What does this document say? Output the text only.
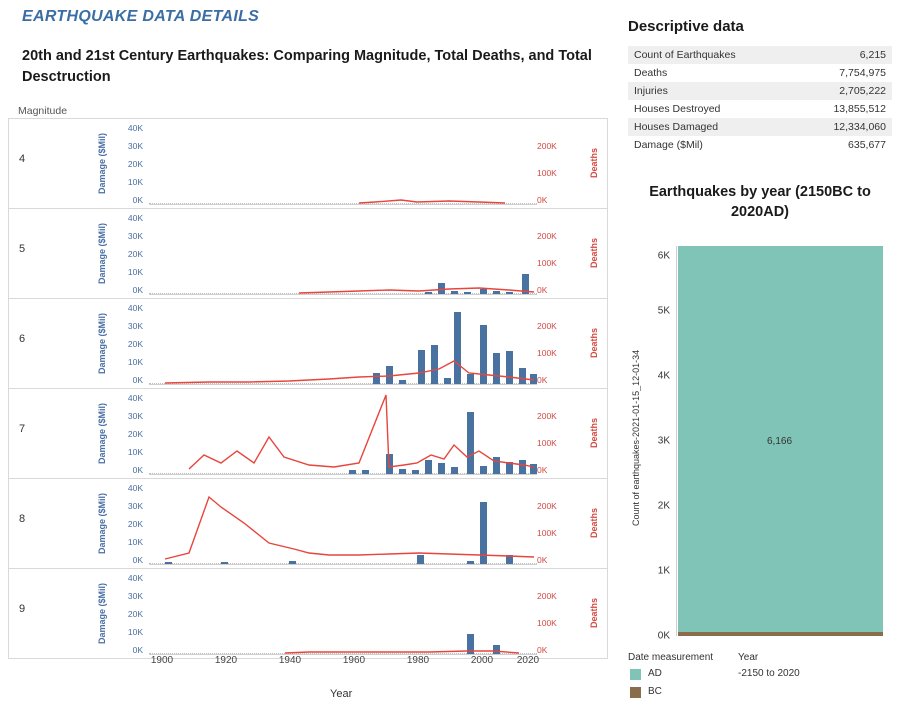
EARTHQUAKE DATA DETAILS
20th and 21st Century Earthquakes: Comparing Magnitude, Total Deaths, and Total Desctruction
Magnitude
4	Damage ($Mil)
40K
30K
20K
10K
0K
200K
100K
0K
Deaths
5	Damage ($Mil)
40K
30K
20K
10K
0K
200K
100K
0K
Deaths
6	Damage ($Mil)
40K
30K
20K
10K
0K
200K
100K
0K
Deaths
7	Damage ($Mil)
40K
30K
20K
10K
0K
200K
100K
0K
Deaths
8	Damage ($Mil)
40K
30K
20K
10K
0K
200K
100K
0K
Deaths
9	Damage ($Mil)
40K
30K
20K
10K
0K
200K
100K
0K
Deaths
1900	1920	1940	1960	1980	2000 2020
Year
Descriptive data
Count of Earthquakes	6,215
Deaths	7,754,975
Injuries	2,705,222
Houses Destroyed	13,855,512
Houses Damaged	12,334,060
Damage ($Mil)	635,677
Earthquakes by year (2150BC to 2020AD)
Count of earthquakes-2021-01-15_12-01-34
0K
1K
2K
3K
4K
5K
6K
6,166
Date measurement Year
-2150 to 2020
AD
BC
